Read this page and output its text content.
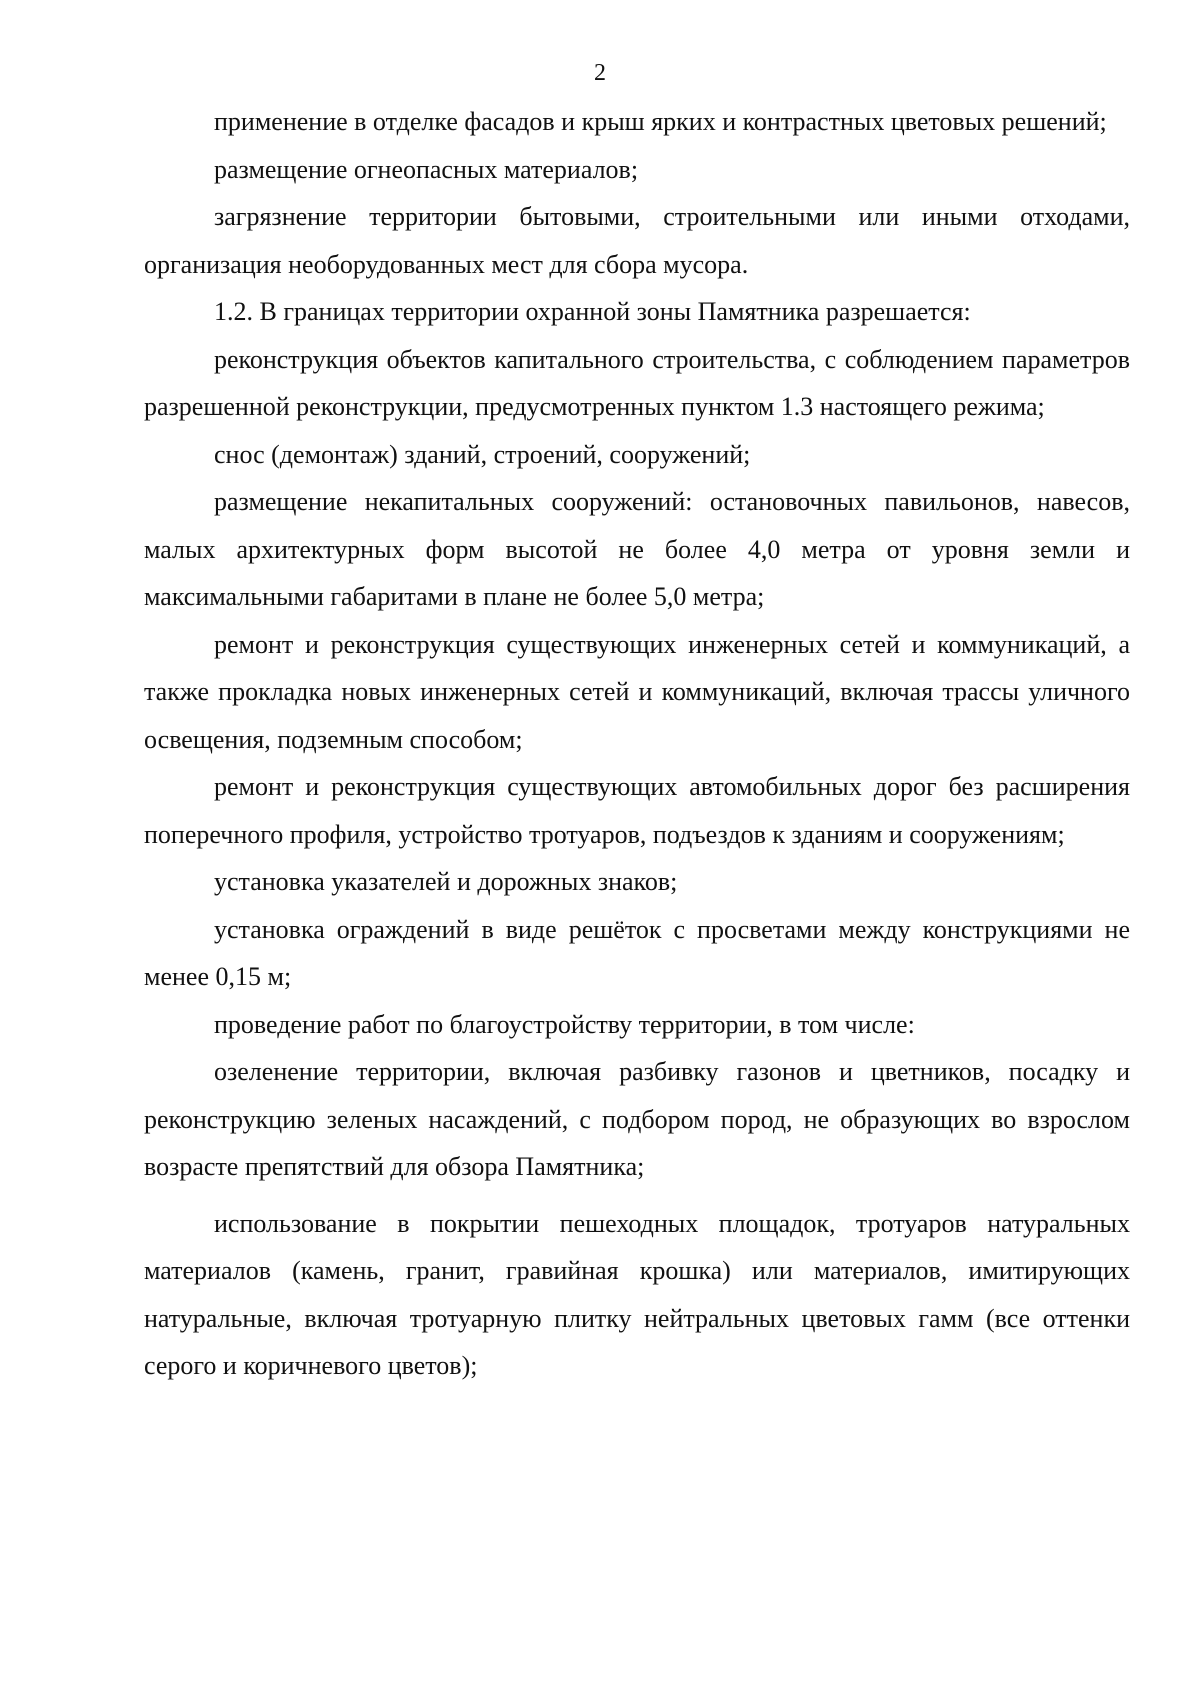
2

применение в отделке фасадов и крыш ярких и контрастных цветовых решений;

размещение огнеопасных материалов;

загрязнение территории бытовыми, строительными или иными отходами, организация необорудованных мест для сбора мусора.

1.2. В границах территории охранной зоны Памятника разрешается:

реконструкция объектов капитального строительства, с соблюдением параметров разрешенной реконструкции, предусмотренных пунктом 1.3 настоящего режима;

снос (демонтаж) зданий, строений, сооружений;

размещение некапитальных сооружений: остановочных павильонов, навесов, малых архитектурных форм высотой не более 4,0 метра от уровня земли и максимальными габаритами в плане не более 5,0 метра;

ремонт и реконструкция существующих инженерных сетей и коммуникаций, а также прокладка новых инженерных сетей и коммуникаций, включая трассы уличного освещения, подземным способом;

ремонт и реконструкция существующих автомобильных дорог без расширения поперечного профиля, устройство тротуаров, подъездов к зданиям и сооружениям;

установка указателей и дорожных знаков;

установка ограждений в виде решёток с просветами между конструкциями не менее 0,15 м;

проведение работ по благоустройству территории, в том числе:

озеленение территории, включая разбивку газонов и цветников, посадку и реконструкцию зеленых насаждений, с подбором пород, не образующих во взрослом возрасте препятствий для обзора Памятника;

использование в покрытии пешеходных площадок, тротуаров натуральных материалов (камень, гранит, гравийная крошка) или материалов, имитирующих натуральные, включая тротуарную плитку нейтральных цветовых гамм (все оттенки серого и коричневого цветов);
